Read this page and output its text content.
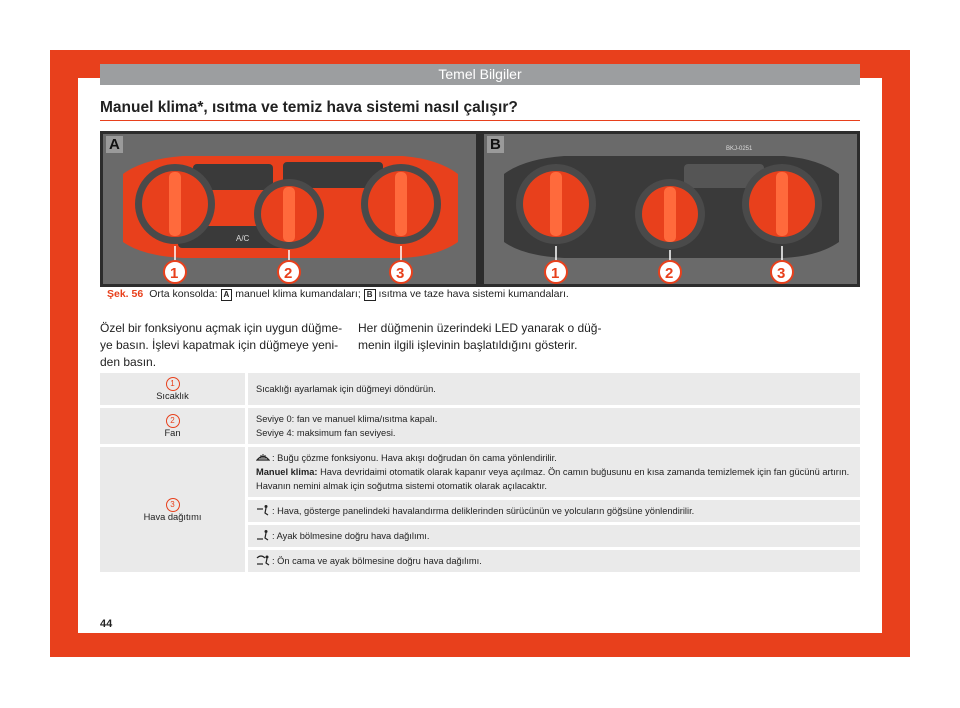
Temel Bilgiler
Manuel klima*, ısıtma ve temiz hava sistemi nasıl çalışır?
A/C
1	2	3
A
1	2	3
B	BKJ-0251
Şek. 56 Orta konsolda: A manuel klima kumandaları; B ısıtma ve taze hava sistemi kumandaları.
Özel bir fonksiyonu açmak için uygun düğme- ye basın. İşlevi kapatmak için düğmeye yeni- den basın.
Her düğmenin üzerindeki LED yanarak o düğ- menin ilgili işlevinin başlatıldığını gösterir.
1
Sıcaklık	Sıcaklığı ayarlamak için düğmeyi döndürün.
2
Fan	Seviye 0: fan ve manuel klima/ısıtma kapalı.
Seviye 4: maksimum fan seviyesi.
3
Hava dağıtımı	: Buğu çözme fonksiyonu. Hava akışı doğrudan ön cama yönlendirilir.
Manuel klima: Hava devridaimi otomatik olarak kapanır veya açılmaz. Ön camın buğusunu en kısa zamanda temizlemek için fan gücünü artırın. Havanın nemini almak için soğutma sistemi otomatik olarak açılacaktır.
	: Hava, gösterge panelindeki havalandırma deliklerinden sürücünün ve yolcuların göğsüne yönlendirilir.
	: Ayak bölmesine doğru hava dağılımı.
	: Ön cama ve ayak bölmesine doğru hava dağılımı.
44
